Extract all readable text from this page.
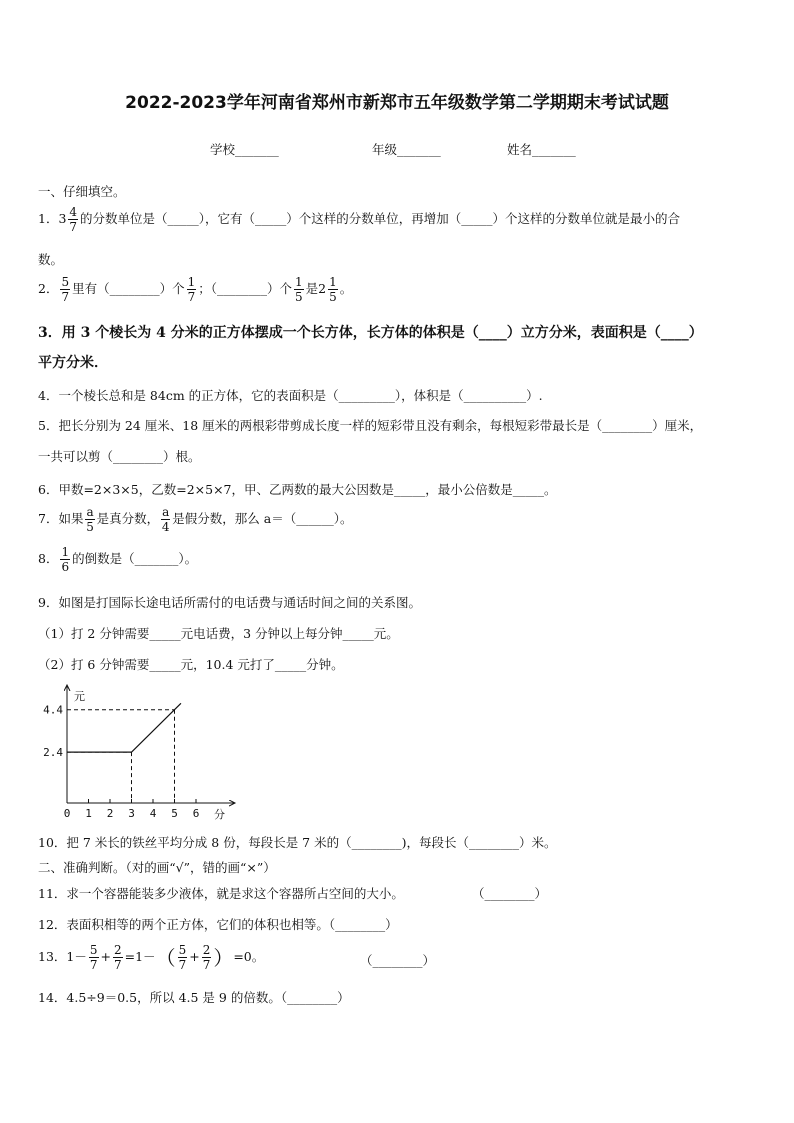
2022-2023学年河南省郑州市新郑市五年级数学第二学期期末考试试题
学校_______	年级_______	姓名_______
一、仔细填空。
1．$3 \frac{4}{7}$ 的分数单位是（_____），它有（_____）个这样的分数单位，再增加（_____）个这样的分数单位就是最小的合
数。
2． $\frac{5}{7}$ 里有（________）个 $\frac{1}{7}$ ；（________）个 $\frac{1}{5}$ 是$2 \frac{1}{5}$ 。
3．用 3 个棱长为 4 分米的正方体摆成一个长方体，长方体的体积是（____）立方分米，表面积是（____）
平方分米．
4．一个棱长总和是 84cm 的正方体，它的表面积是（_________），体积是（__________）.
5．把长分别为 24 厘米、18 厘米的两根彩带剪成长度一样的短彩带且没有剩余，每根短彩带最长是（________）厘米，
一共可以剪（________）根。
6．甲数=2×3×5，乙数=2×5×7，甲、乙两数的最大公因数是_____，最小公倍数是_____。
7．如果 $\frac{a}{5}$ 是真分数， $\frac{a}{4}$ 是假分数，那么 a＝（______）。
8． $\frac{1}{6}$ 的倒数是（_______）。
9．如图是打国际长途电话所需付的电话费与通话时间之间的关系图。
（1）打 2 分钟需要_____元电话费，3 分钟以上每分钟_____元。
（2）打 6 分钟需要_____元，10.4 元打了_____分钟。
元
分
0 1 2 3 4 5 6
2.4
4.4
10．把 7 米长的铁丝平均分成 8 份，每段长是 7 米的（________)，每段长（________）米。
二、准确判断。（对的画“√”，错的画“×”）
11．求一个容器能装多少液体，就是求这个容器所占空间的大小。	（________）
12．表面积相等的两个正方体，它们的体积也相等。（________）
13．$1- \frac{5}{7} + \frac{2}{7} =1-( \frac{5}{7} + \frac{2}{7} )=0$。	（________）
14．4.5÷9＝0.5，所以 4.5 是 9 的倍数。（________）
